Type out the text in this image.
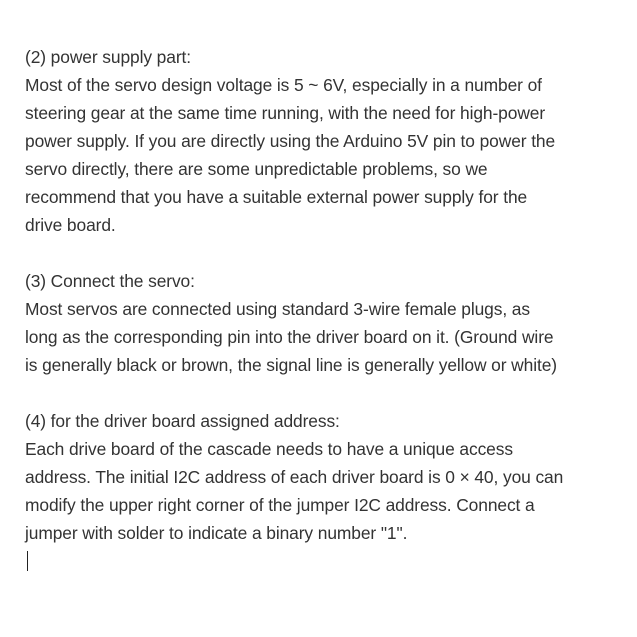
(2) power supply part:
Most of the servo design voltage is 5 ~ 6V, especially in a number of
steering gear at the same time running, with the need for high-power
power supply. If you are directly using the Arduino 5V pin to power the
servo directly, there are some unpredictable problems, so we
recommend that you have a suitable external power supply for the
drive board.
(3) Connect the servo:
Most servos are connected using standard 3-wire female plugs, as
long as the corresponding pin into the driver board on it. (Ground wire
is generally black or brown, the signal line is generally yellow or white)
(4) for the driver board assigned address:
Each drive board of the cascade needs to have a unique access
address. The initial I2C address of each driver board is 0 × 40, you can
modify the upper right corner of the jumper I2C address. Connect a
jumper with solder to indicate a binary number "1".
